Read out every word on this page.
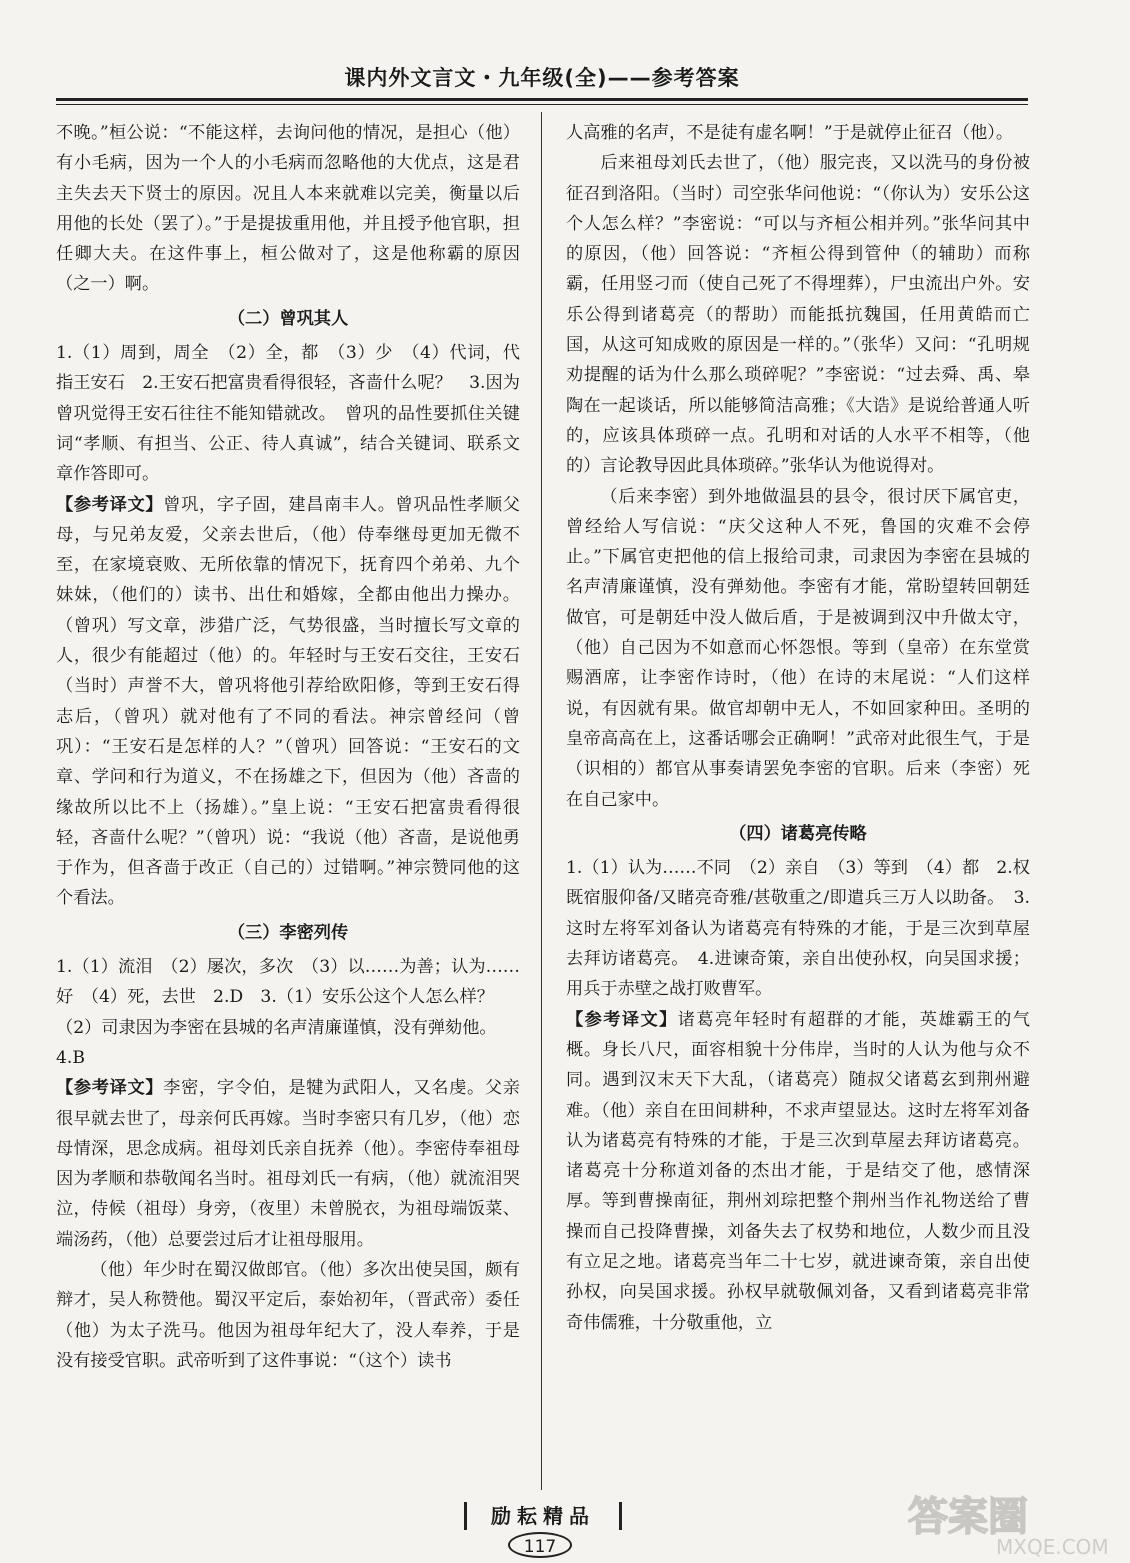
课内外文言文・九年级(全)——参考答案

不晚。”桓公说：“不能这样，去询问他的情况，是担心（他）有小毛病，因为一个人的小毛病而忽略他的大优点，这是君主失去天下贤士的原因。况且人本来就难以完美，衡量以后用他的长处（罢了）。”于是提拔重用他，并且授予他官职，担任卿大夫。在这件事上，桓公做对了，这是他称霸的原因（之一）啊。

（二）曾巩其人

1.（1）周到，周全　（2）全，都　（3）少　（4）代词，代指王安石　2.王安石把富贵看得很轻，吝啬什么呢？　3.因为曾巩觉得王安石往往不能知错就改。　曾巩的品性要抓住关键词“孝顺、有担当、公正、待人真诚”，结合关键词、联系文章作答即可。

【参考译文】曾巩，字子固，建昌南丰人。曾巩品性孝顺父母，与兄弟友爱，父亲去世后，（他）侍奉继母更加无微不至，在家境衰败、无所依靠的情况下，抚育四个弟弟、九个妹妹，（他们的）读书、出仕和婚嫁，全都由他出力操办。（曾巩）写文章，涉猎广泛，气势很盛，当时擅长写文章的人，很少有能超过（他）的。年轻时与王安石交往，王安石（当时）声誉不大，曾巩将他引荐给欧阳修，等到王安石得志后，（曾巩）就对他有了不同的看法。神宗曾经问（曾巩）：“王安石是怎样的人？”（曾巩）回答说：“王安石的文章、学问和行为道义，不在扬雄之下，但因为（他）吝啬的缘故所以比不上（扬雄）。”皇上说：“王安石把富贵看得很轻，吝啬什么呢？”（曾巩）说：“我说（他）吝啬，是说他勇于作为，但吝啬于改正（自己的）过错啊。”神宗赞同他的这个看法。

（三）李密列传

1.（1）流泪　（2）屡次，多次　（3）以……为善；认为……好　（4）死，去世　2.D　3.（1）安乐公这个人怎么样？

（2）司隶因为李密在县城的名声清廉谨慎，没有弹劾他。

4.B

【参考译文】李密，字令伯，是犍为武阳人，又名虔。父亲很早就去世了，母亲何氏再嫁。当时李密只有几岁，（他）恋母情深，思念成病。祖母刘氏亲自抚养（他）。李密侍奉祖母因为孝顺和恭敬闻名当时。祖母刘氏一有病，（他）就流泪哭泣，侍候（祖母）身旁，（夜里）未曾脱衣，为祖母端饭菜、端汤药，（他）总要尝过后才让祖母服用。

（他）年少时在蜀汉做郎官。（他）多次出使吴国，颇有辩才，吴人称赞他。蜀汉平定后，泰始初年，（晋武帝）委任（他）为太子洗马。他因为祖母年纪大了，没人奉养，于是没有接受官职。武帝听到了这件事说：“（这个）读书

人高雅的名声，不是徒有虚名啊！”于是就停止征召（他）。

后来祖母刘氏去世了，（他）服完丧，又以洗马的身份被征召到洛阳。（当时）司空张华问他说：“（你认为）安乐公这个人怎么样？”李密说：“可以与齐桓公相并列。”张华问其中的原因，（他）回答说：“齐桓公得到管仲（的辅助）而称霸，任用竖刁而（使自己死了不得埋葬），尸虫流出户外。安乐公得到诸葛亮（的帮助）而能抵抗魏国，任用黄皓而亡国，从这可知成败的原因是一样的。”（张华）又问：“孔明规劝提醒的话为什么那么琐碎呢？”李密说：“过去舜、禹、皋陶在一起谈话，所以能够简洁高雅；《大诰》是说给普通人听的，应该具体琐碎一点。孔明和对话的人水平不相等，（他的）言论教导因此具体琐碎。”张华认为他说得对。

（后来李密）到外地做温县的县令，很讨厌下属官吏，曾经给人写信说：“庆父这种人不死，鲁国的灾难不会停止。”下属官吏把他的信上报给司隶，司隶因为李密在县城的名声清廉谨慎，没有弹劾他。李密有才能，常盼望转回朝廷做官，可是朝廷中没人做后盾，于是被调到汉中升做太守，（他）自己因为不如意而心怀怨恨。等到（皇帝）在东堂赏赐酒席，让李密作诗时，（他）在诗的末尾说：“人们这样说，有因就有果。做官却朝中无人，不如回家种田。圣明的皇帝高高在上，这番话哪会正确啊！”武帝对此很生气，于是（识相的）都官从事奏请罢免李密的官职。后来（李密）死在自己家中。

（四）诸葛亮传略

1.（1）认为……不同　（2）亲自　（3）等到　（4）都　2.权既宿服仰备/又睹亮奇雅/甚敬重之/即遣兵三万人以助备。　3.这时左将军刘备认为诸葛亮有特殊的才能，于是三次到草屋去拜访诸葛亮。　4.进谏奇策，亲自出使孙权，向吴国求援；用兵于赤壁之战打败曹军。

【参考译文】诸葛亮年轻时有超群的才能，英雄霸王的气概。身长八尺，面容相貌十分伟岸，当时的人认为他与众不同。遇到汉末天下大乱，（诸葛亮）随叔父诸葛玄到荆州避难。（他）亲自在田间耕种，不求声望显达。这时左将军刘备认为诸葛亮有特殊的才能，于是三次到草屋去拜访诸葛亮。诸葛亮十分称道刘备的杰出才能，于是结交了他，感情深厚。等到曹操南征，荆州刘琮把整个荆州当作礼物送给了曹操而自己投降曹操，刘备失去了权势和地位，人数少而且没有立足之地。诸葛亮当年二十七岁，就进谏奇策，亲自出使孙权，向吴国求援。孙权早就敬佩刘备，又看到诸葛亮非常奇伟儒雅，十分敬重他，立

励耘精品
117
答案圈
MXQE.COM
